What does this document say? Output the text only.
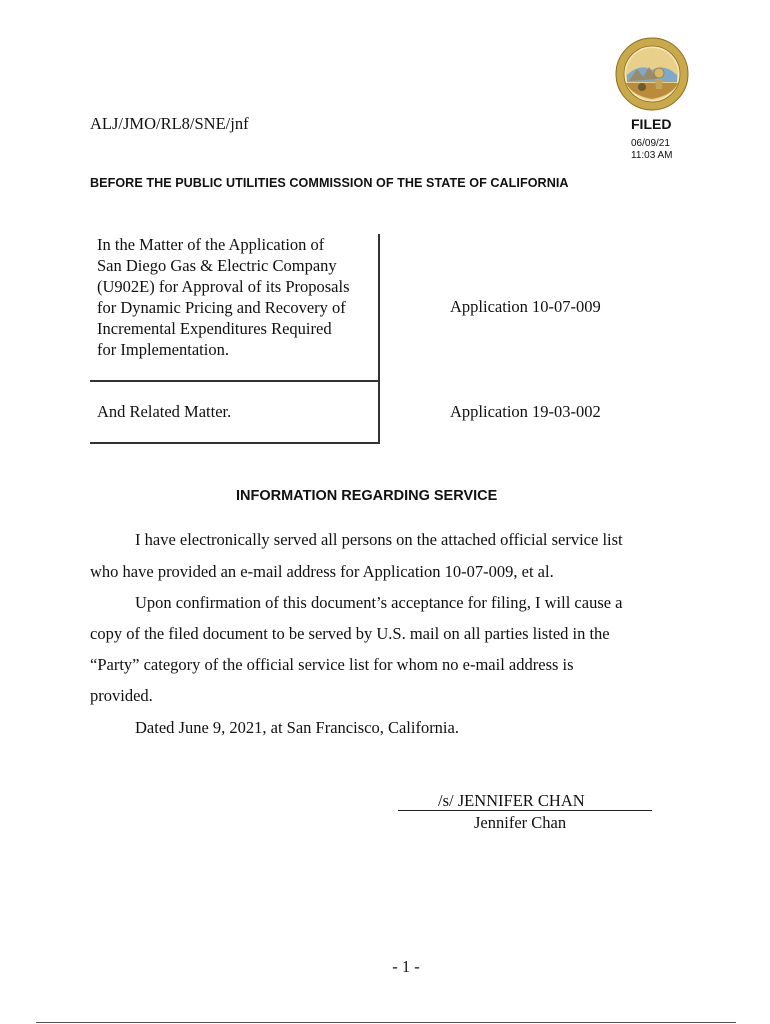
ALJ/JMO/RL8/SNE/jnf	FILED
06/09/21
11:03 AM
BEFORE THE PUBLIC UTILITIES COMMISSION OF THE STATE OF CALIFORNIA
In the Matter of the Application of
San Diego Gas & Electric Company
(U902E) for Approval of its Proposals
for Dynamic Pricing and Recovery of
Incremental Expenditures Required
for Implementation.
Application 10-07-009
And Related Matter.	Application 19-03-002
INFORMATION REGARDING SERVICE
I have electronically served all persons on the attached official service list
who have provided an e-mail address for Application 10-07-009, et al.
Upon confirmation of this document’s acceptance for filing, I will cause a
copy of the filed document to be served by U.S. mail on all parties listed in the
“Party” category of the official service list for whom no e-mail address is
provided.
Dated June 9, 2021, at San Francisco, California.
/s/ JENNIFER CHAN
Jennifer Chan
- 1 -
